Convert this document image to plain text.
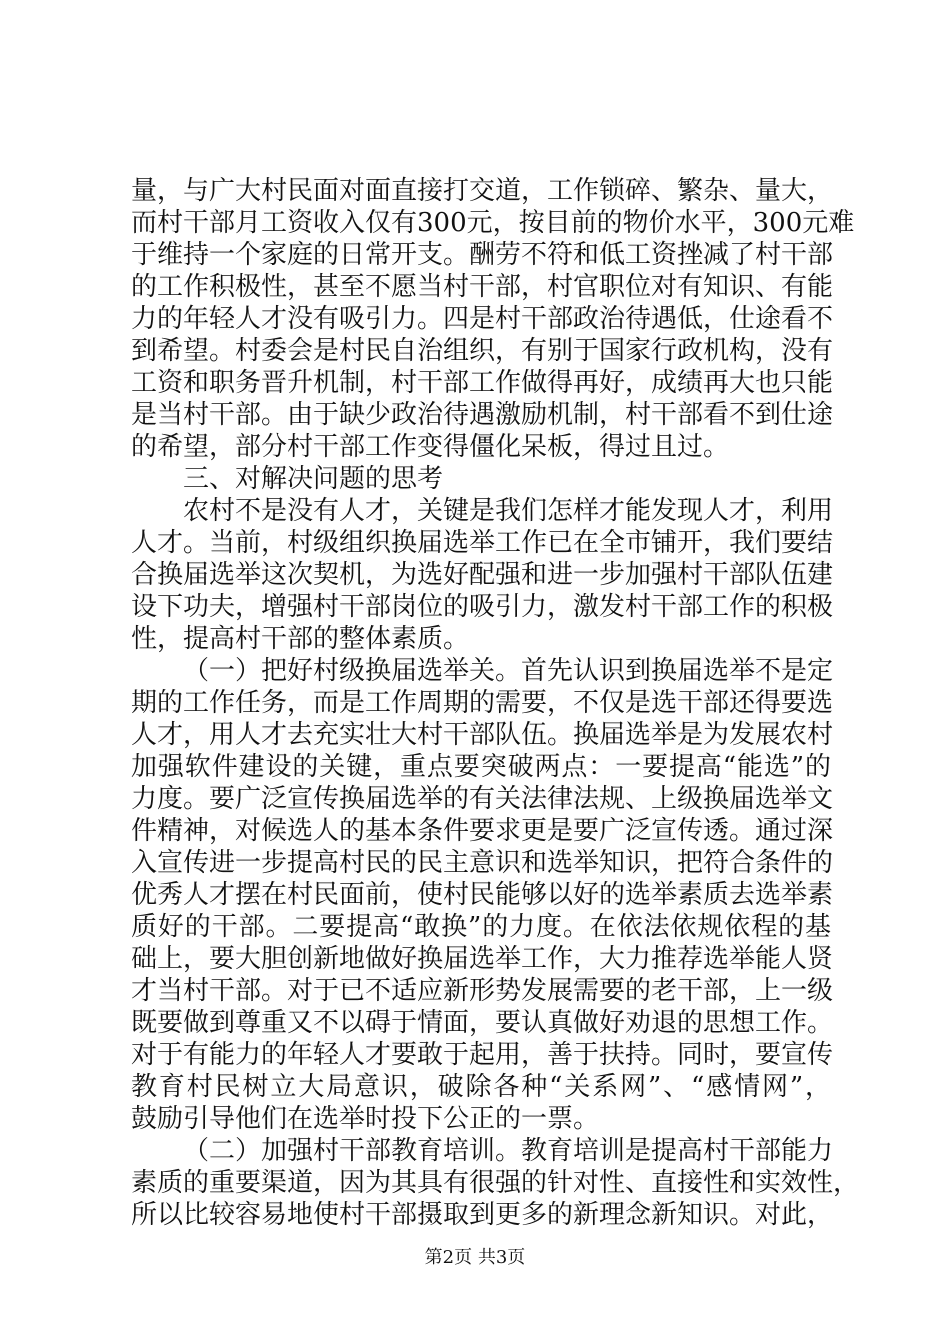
量，与广大村民面对面直接打交道，工作锁碎、繁杂、量大，
而村干部月工资收入仅有300元，按目前的物价水平，300元难
于维持一个家庭的日常开支。酬劳不符和低工资挫减了村干部
的工作积极性，甚至不愿当村干部，村官职位对有知识、有能
力的年轻人才没有吸引力。四是村干部政治待遇低，仕途看不
到希望。村委会是村民自治组织，有别于国家行政机构，没有
工资和职务晋升机制，村干部工作做得再好，成绩再大也只能
是当村干部。由于缺少政治待遇激励机制，村干部看不到仕途
的希望，部分村干部工作变得僵化呆板，得过且过。
三、对解决问题的思考
农村不是没有人才，关键是我们怎样才能发现人才，利用
人才。当前，村级组织换届选举工作已在全市铺开，我们要结
合换届选举这次契机，为选好配强和进一步加强村干部队伍建
设下功夫，增强村干部岗位的吸引力，激发村干部工作的积极
性，提高村干部的整体素质。
（一）把好村级换届选举关。首先认识到换届选举不是定
期的工作任务，而是工作周期的需要，不仅是选干部还得要选
人才，用人才去充实壮大村干部队伍。换届选举是为发展农村
加强软件建设的关键，重点要突破两点：一要提高“能选”的
力度。要广泛宣传换届选举的有关法律法规、上级换届选举文
件精神，对候选人的基本条件要求更是要广泛宣传透。通过深
入宣传进一步提高村民的民主意识和选举知识，把符合条件的
优秀人才摆在村民面前，使村民能够以好的选举素质去选举素
质好的干部。二要提高“敢换”的力度。在依法依规依程的基
础上，要大胆创新地做好换届选举工作，大力推荐选举能人贤
才当村干部。对于已不适应新形势发展需要的老干部，上一级
既要做到尊重又不以碍于情面，要认真做好劝退的思想工作。
对于有能力的年轻人才要敢于起用，善于扶持。同时，要宣传
教育村民树立大局意识，破除各种“关系网”、“感情网”，
鼓励引导他们在选举时投下公正的一票。
（二）加强村干部教育培训。教育培训是提高村干部能力
素质的重要渠道，因为其具有很强的针对性、直接性和实效性，
所以比较容易地使村干部摄取到更多的新理念新知识。对此，
第2页 共3页
